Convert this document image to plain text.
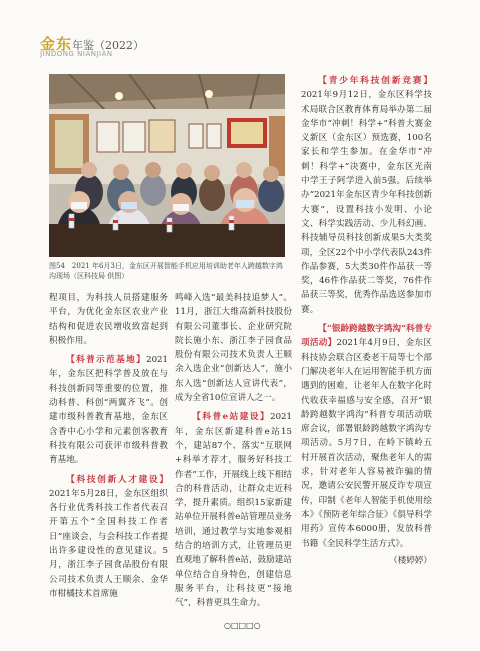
金东年鉴（2022）
JINDONG NIANJIAN
图54　2021 年6月3日，金东区开展智能手机应用培训助老年人跨越数字鸿沟现场（区科技局 供图）

程项目，为科技人员搭建服务平台，为优化金东区农业产业结构和促进农民增收致富起到积极作用。

【科普示范基地】2021 年，金东区把科学普及放在与科技创新同等重要的位置，推动科普、科创“两翼齐飞”。创建市级科普教育基地，金东区含香中心小学和元素创客教育科技有限公司获评市级科普教育基地。

【科技创新人才建设】2021年5月28日，金东区组织各行业优秀科技工作者代表召开第五个“全国科技工作者日”座谈会，与会科技工作者提出许多建设性的意见建议。5月，浙江李子园食品股份有限公司技术负责人王顺余、金华市柑橘技术首席施

鸣峰入选“最美科技追梦人”。11月，浙江大维高新科技股份有限公司董事长、企业研究院院长施小东、浙江李子园食品股份有限公司技术负责人王顺余入选企业“创新达人”，施小东入选“创新达人宣讲代表”，成为全省10位宣讲人之一。

【科普e站建设】2021 年，金东区新建科普e站15个，建站87个、落实“互联网+科举才荐才，服务好科技工作者”工作，开展线上线下相结合的科普活动，让群众走近科学，提升素质。组织15家新建站单位开展科普e站管理员业务培训，通过教学与实地参观相结合的培训方式，让管理员更直观地了解科普e站，鼓励建站单位结合自身特色，创建信息服务平台，让科技更“接地气”，科普更具生命力。

【青少年科技创新竞赛】2021年9月12日，金东区科学技术局联合区教育体育局举办第二届金华市“冲刺！科学+”科普大赛金义新区（金东区）预选赛，100名家长和学生参加。在金华市“冲刺！科学+”决赛中，金东区光南中学王子阿学进入前5强。后续举办“2021年金东区青少年科技创新大赛”，设置科技小发明、小论文、科学实践活动、少儿科幻画、科技辅导员科技创新成果5大类奖项，全区22个中小学代表队243件作品参赛，5大类30件作品获一等奖，46件作品获二等奖，76件作品获三等奖，优秀作品选送参加市赛。

【“银龄跨越数字鸿沟”科普专项活动】2021年4月9日，金东区科技协会联合区委老干局等七个部门解决老年人在运用智能手机方面遇到的困难，让老年人在数字化时代收获幸福感与安全感，召开“银龄跨越数字鸿沟”科普专项活动联席会议，部署银龄跨越数字鸿沟专项活动。5月7日，在岭下镇岭五村开展首次活动，聚焦老年人的需求，针对老年人容易被诈骗的情况，邀请公安民警开展反诈专项宣传，印制《老年人智能手机使用绘本》《预防老年综合征》《俱导科学用药》宣传本6000册，发放科普书籍《全民科学生活方式》。

（楼婷婷）
○□□□○
